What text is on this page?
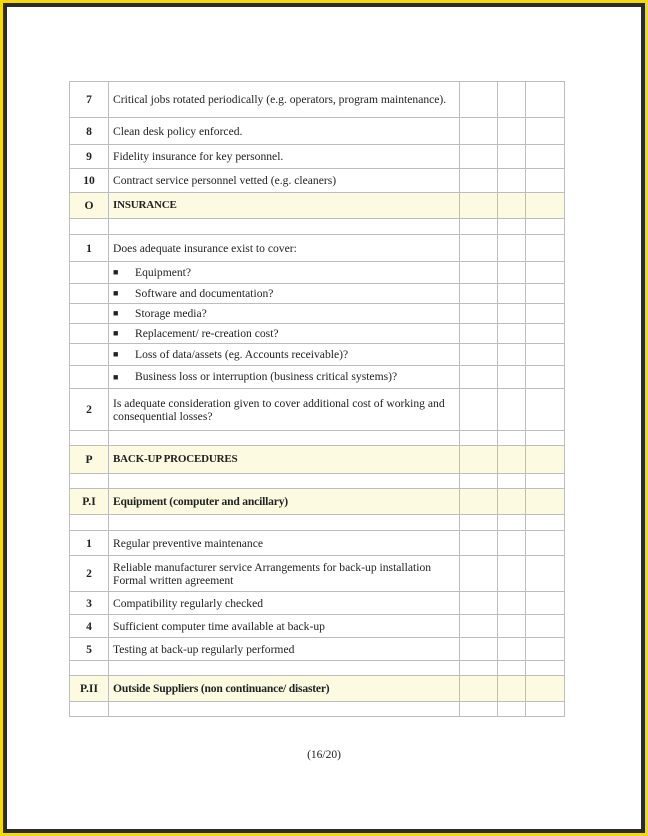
7	Critical jobs rotated periodically (e.g. operators, program maintenance).			
8	Clean desk policy enforced.			
9	Fidelity insurance for key personnel.			
10	Contract service personnel vetted (e.g. cleaners)			
O	INSURANCE			

1	Does adequate insurance exist to cover:			
	■ Equipment?			
	■ Software and documentation?			
	■ Storage media?			
	■ Replacement/ re-creation cost?			
	■ Loss of data/assets (eg. Accounts receivable)?			
	■ Business loss or interruption (business critical systems)?			
2	Is adequate consideration given to cover additional cost of working and consequential losses?			

P	BACK-UP PROCEDURES			

P.I	Equipment (computer and ancillary)			

1	Regular preventive maintenance			
2	Reliable manufacturer service Arrangements for back-up installation Formal written agreement			
3	Compatibility regularly checked			
4	Sufficient computer time available at back-up			
5	Testing at back-up regularly performed			

P.II	Outside Suppliers (non continuance/ disaster)			

(16/20)
